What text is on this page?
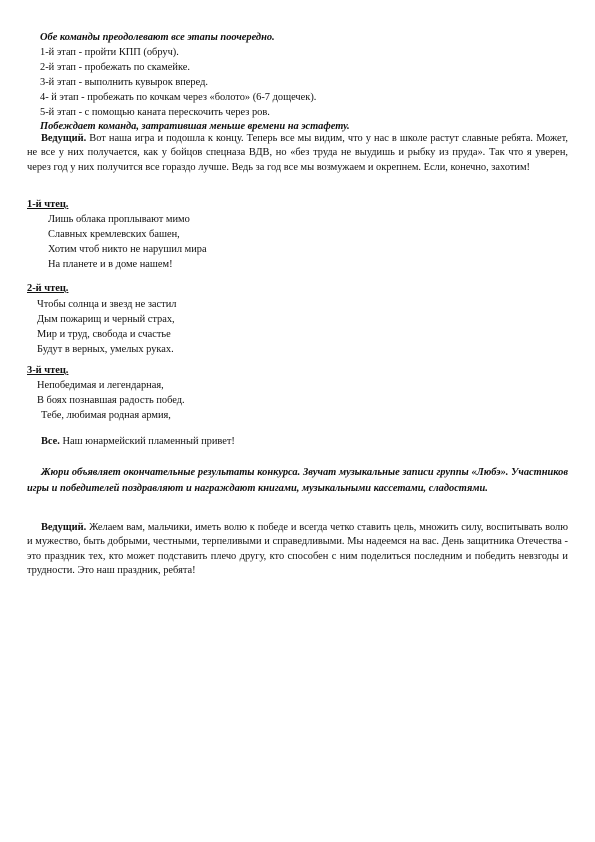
Обе команды преодолевают все этапы поочередно.
1-й этап - пройти КПП (обруч).
2-й этап - пробежать по скамейке.
3-й этап - выполнить кувырок вперед.
4- й этап - пробежать по кочкам через «болото» (6-7 дощечек).
5-й этап - с помощью каната перескочить через ров.
Побеждает команда, затратившая меньше времени на эстафету.
Ведущий. Вот наша игра и подошла к концу. Теперь все мы видим, что у нас в школе растут славные ребята. Может, не все у них получается, как у бойцов спецназа ВДВ, но «без труда не выудишь и рыбку из пруда». Так что я уверен, через год у них получится все гораздо лучше. Ведь за год все мы возмужаем и окрепнем. Если, конечно, захотим!
1-й чтец.
Лишь облака проплывают мимо
Славных кремлевских башен,
Хотим чтоб никто не нарушил мира
На планете и в доме нашем!
2-й чтец.
Чтобы солнца и звезд не застил
Дым пожарищ и черный страх,
Мир и труд, свобода и счастье
Будут в верных, умелых руках.
3-й чтец.
Непобедимая и легендарная,
В боях познавшая радость побед.
Тебе, любимая родная армия,
Все. Наш юнармейский пламенный привет!
Жюри объявляет окончательные результаты конкурса. Звучат музыкальные записи группы «Любэ». Участников игры и победителей поздравляют и награждают книгами, музыкальными кассетами, сладостями.
Ведущий. Желаем вам, мальчики, иметь волю к победе и всегда четко ставить цель, множить силу, воспитывать волю и мужество, быть добрыми, честными, терпеливыми и справедливыми. Мы надеемся на вас. День защитника Отечества - это праздник тех, кто может подставить плечо другу, кто способен с ним поделиться последним и победить невзгоды и трудности. Это наш праздник, ребята!
